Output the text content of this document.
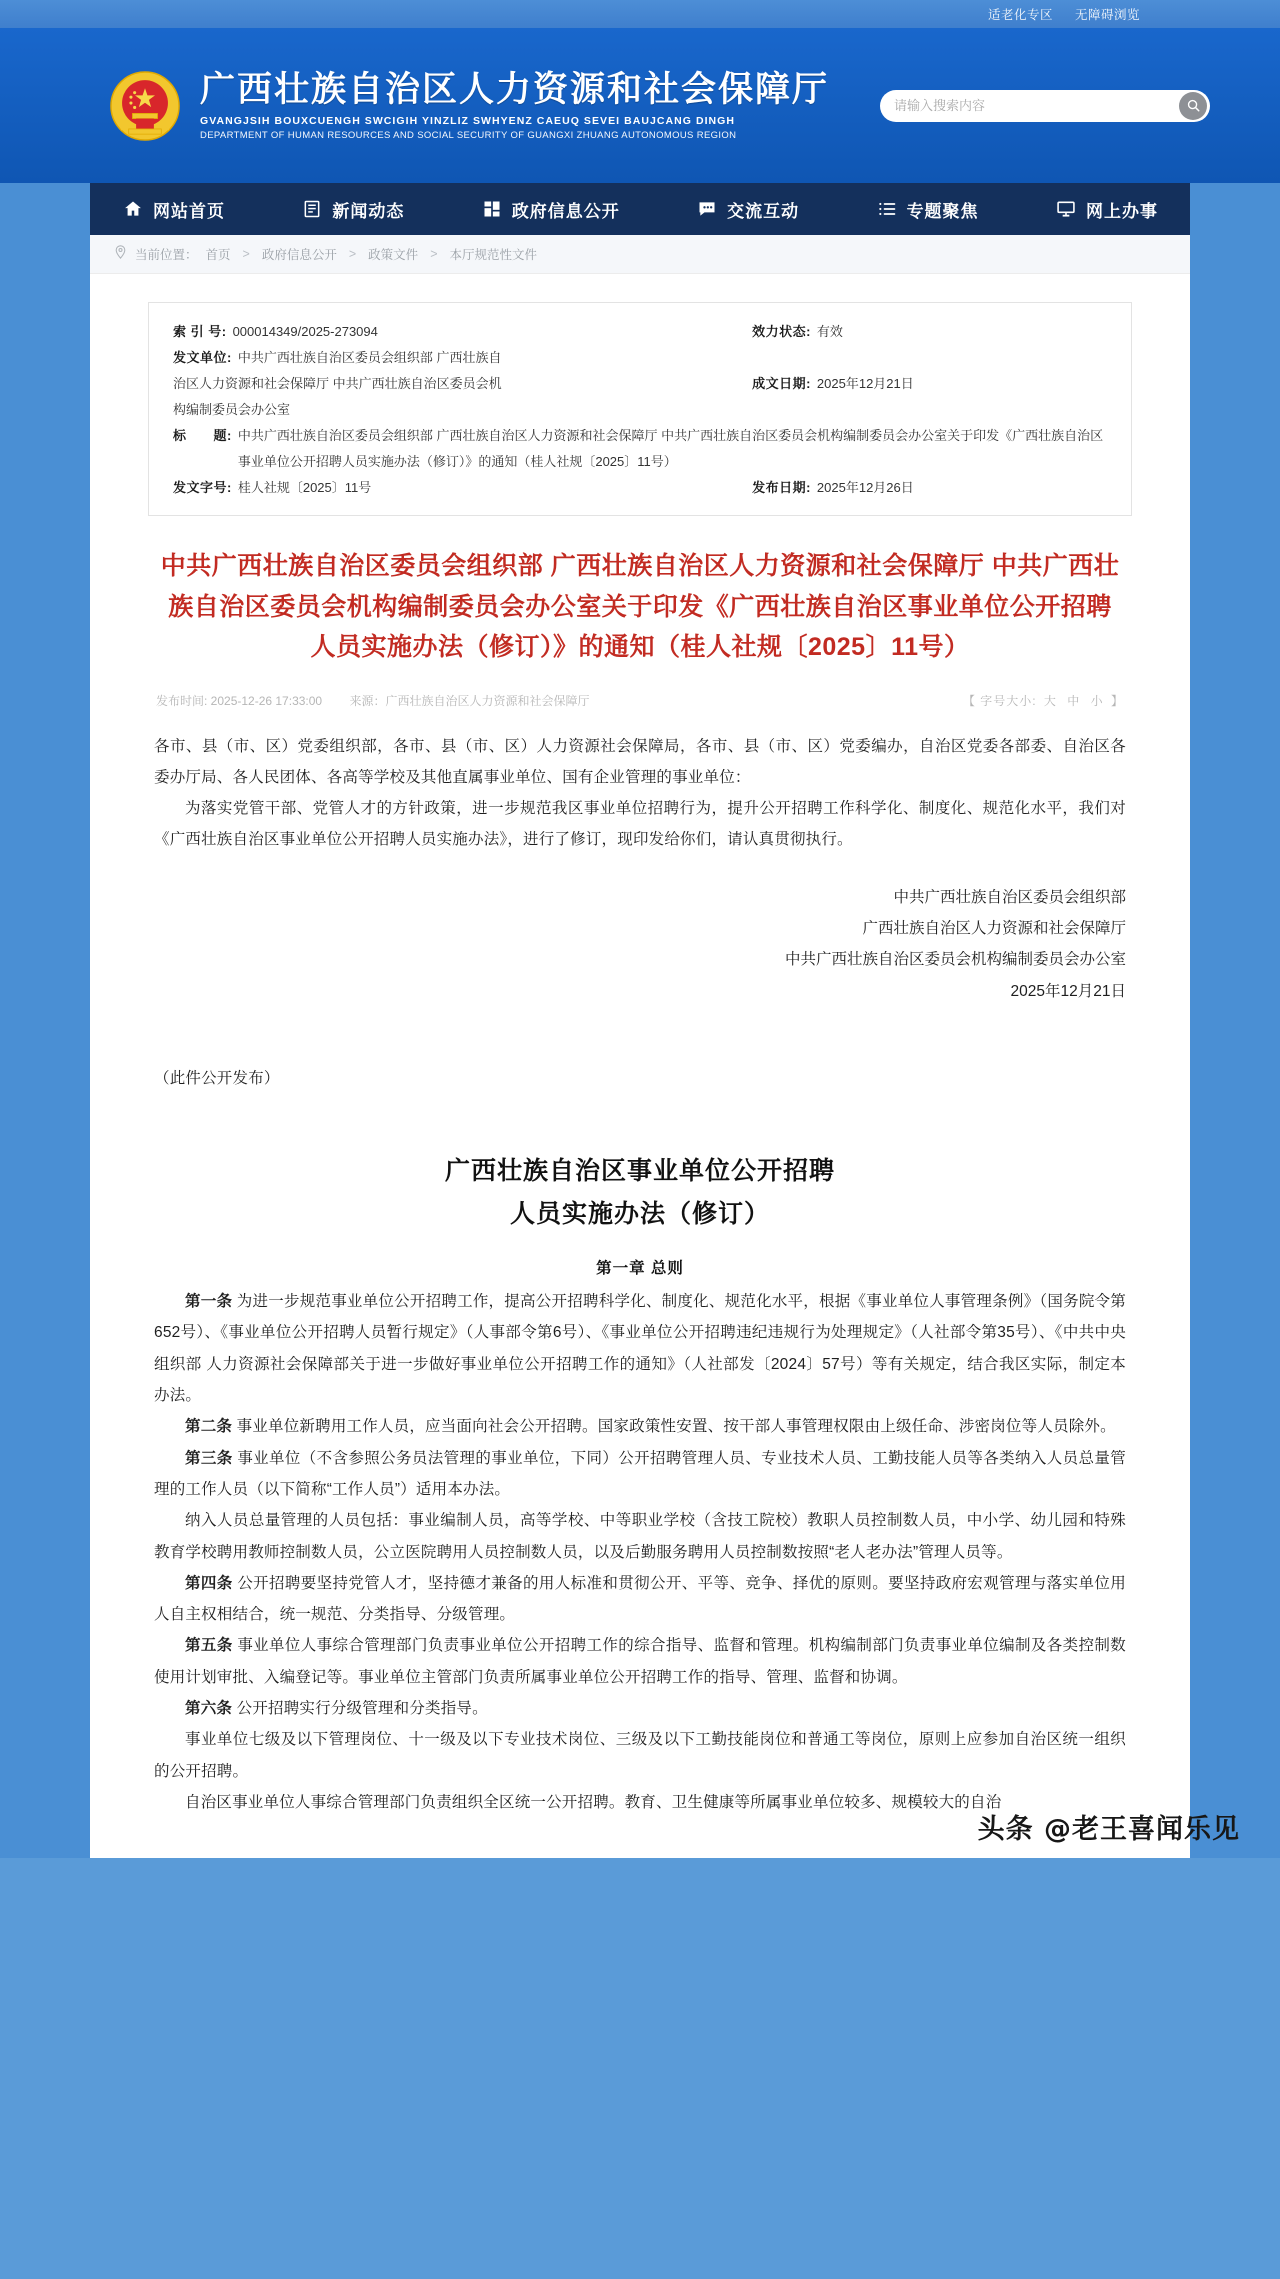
适老化专区 无障碍浏览
广西壮族自治区人力资源和社会保障厅
GVANGJSIH BOUXCUENGH SWCIGIH YINZLIZ SWHYENZ CAEUQ SEVEI BAUJCANG DINGH
DEPARTMENT OF HUMAN RESOURCES AND SOCIAL SECURITY OF GUANGXI ZHUANG AUTONOMOUS REGION
请输入搜索内容
网站首页	新闻动态	政府信息公开	交流互动	专题聚焦	网上办事
当前位置： 首页 > 政府信息公开 > 政策文件 > 本厅规范性文件
索 引 号: 000014349/2025-273094	效力状态: 有效
发文单位: 中共广西壮族自治区委员会组织部 广西壮族自
治区人力资源和社会保障厅 中共广西壮族自治区委员会机	成文日期: 2025年12月21日
构编制委员会办公室
标　　题: 中共广西壮族自治区委员会组织部 广西壮族自治区人力资源和社会保障厅 中共广西壮族自治区委员会机构编制委员会办公室关于印发《广西壮族自治区事业单位公开招聘人员实施办法（修订）》的通知（桂人社规〔2025〕11号）
发文字号: 桂人社规〔2025〕11号	发布日期: 2025年12月26日
中共广西壮族自治区委员会组织部 广西壮族自治区人力资源和社会保障厅 中共广西壮族自治区委员会机构编制委员会办公室关于印发《广西壮族自治区事业单位公开招聘人员实施办法（修订）》的通知（桂人社规〔2025〕11号）
发布时间: 2025-12-26 17:33:00 来源：广西壮族自治区人力资源和社会保障厅	【 字号大小: 大 中 小 】

各市、县（市、区）党委组织部，各市、县（市、区）人力资源社会保障局，各市、县（市、区）党委编办，自治区党委各部委、自治区各委办厅局、各人民团体、各高等学校及其他直属事业单位、国有企业管理的事业单位：

为落实党管干部、党管人才的方针政策，进一步规范我区事业单位招聘行为，提升公开招聘工作科学化、制度化、规范化水平，我们对《广西壮族自治区事业单位公开招聘人员实施办法》，进行了修订，现印发给你们，请认真贯彻执行。

中共广西壮族自治区委员会组织部
广西壮族自治区人力资源和社会保障厅
中共广西壮族自治区委员会机构编制委员会办公室
2025年12月21日

（此件公开发布）

广西壮族自治区事业单位公开招聘
人员实施办法（修订）
第一章 总则

第一条 为进一步规范事业单位公开招聘工作，提高公开招聘科学化、制度化、规范化水平，根据《事业单位人事管理条例》（国务院令第652号）、《事业单位公开招聘人员暂行规定》（人事部令第6号）、《事业单位公开招聘违纪违规行为处理规定》（人社部令第35号）、《中共中央组织部 人力资源社会保障部关于进一步做好事业单位公开招聘工作的通知》（人社部发〔2024〕57号）等有关规定，结合我区实际，制定本办法。

第二条 事业单位新聘用工作人员，应当面向社会公开招聘。国家政策性安置、按干部人事管理权限由上级任命、涉密岗位等人员除外。

第三条 事业单位（不含参照公务员法管理的事业单位，下同）公开招聘管理人员、专业技术人员、工勤技能人员等各类纳入人员总量管理的工作人员（以下简称“工作人员”）适用本办法。

纳入人员总量管理的人员包括：事业编制人员，高等学校、中等职业学校（含技工院校）教职人员控制数人员，中小学、幼儿园和特殊教育学校聘用教师控制数人员，公立医院聘用人员控制数人员，以及后勤服务聘用人员控制数按照“老人老办法”管理人员等。

第四条 公开招聘要坚持党管人才，坚持德才兼备的用人标准和贯彻公开、平等、竞争、择优的原则。要坚持政府宏观管理与落实单位用人自主权相结合，统一规范、分类指导、分级管理。

第五条 事业单位人事综合管理部门负责事业单位公开招聘工作的综合指导、监督和管理。机构编制部门负责事业单位编制及各类控制数使用计划审批、入编登记等。事业单位主管部门负责所属事业单位公开招聘工作的指导、管理、监督和协调。

第六条 公开招聘实行分级管理和分类指导。

事业单位七级及以下管理岗位、十一级及以下专业技术岗位、三级及以下工勤技能岗位和普通工等岗位，原则上应参加自治区统一组织的公开招聘。

自治区事业单位人事综合管理部门负责组织全区统一公开招聘。教育、卫生健康等所属事业单位较多、规模较大的自治

头条 @老王喜闻乐见
